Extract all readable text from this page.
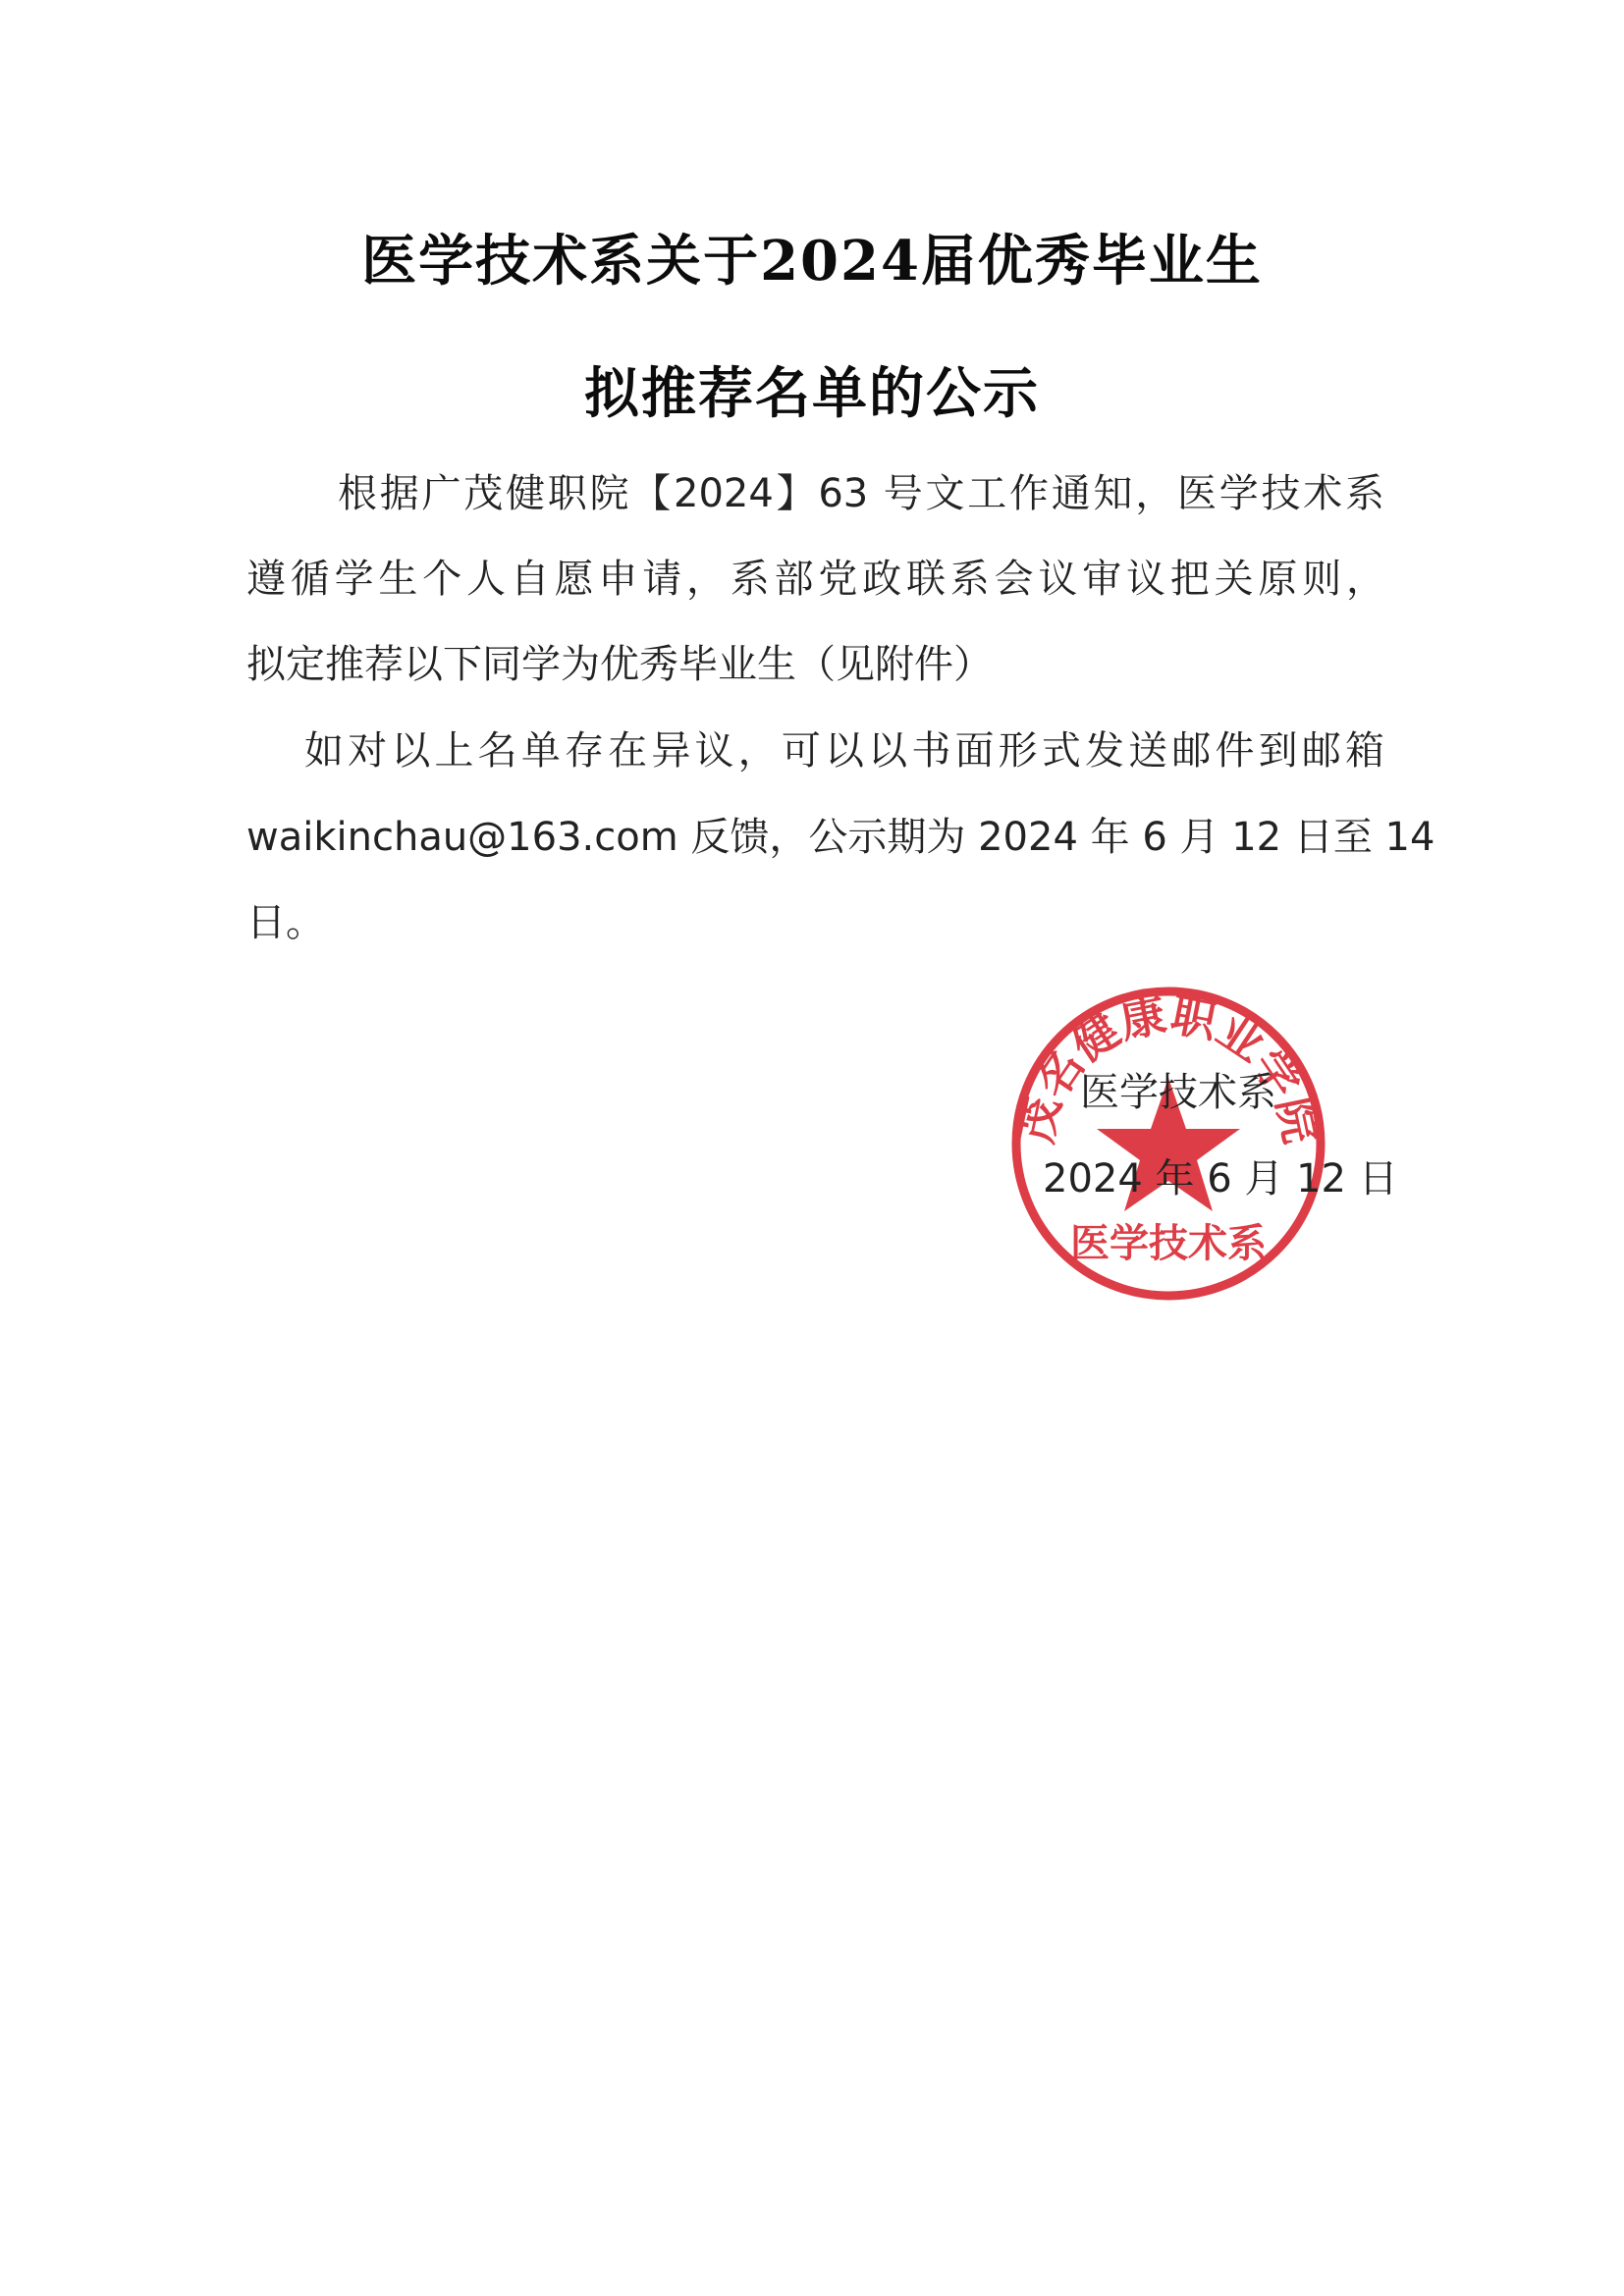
医学技术系关于2024届优秀毕业生
拟推荐名单的公示
根据广茂健职院【2024】63 号文工作通知，医学技术系
遵循学生个人自愿申请，系部党政联系会议审议把关原则，
拟定推荐以下同学为优秀毕业生（见附件）
如对以上名单存在异议，可以以书面形式发送邮件到邮箱
waikinchau@163.com 反馈，公示期为 2024 年 6 月 12 日至 14
日。
茂名健康职业学院
医学技术系
医学技术系
2024 年 6 月 12 日
